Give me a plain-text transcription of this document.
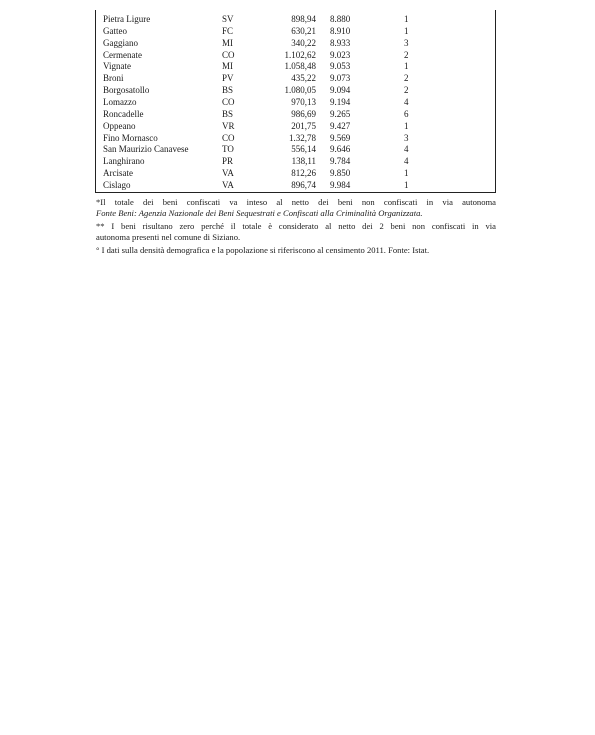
Pietra Ligure	SV	898,94 8.880	1
Gatteo	FC	630,21 8.910	1
Gaggiano	MI	340,22 8.933	3
Cermenate	CO	1.102,62 9.023	2
Vignate	MI	1.058,48 9.053	1
Broni	PV	435,22 9.073	2
Borgosatollo	BS	1.080,05 9.094	2
Lomazzo	CO	970,13 9.194	4
Roncadelle	BS	986,69 9.265	6
Oppeano	VR	201,75 9.427	1
Fino Mornasco	CO	1.32,78 9.569	3
San Maurizio Canavese	TO	556,14 9.646	4
Langhirano	PR	138,11 9.784	4
Arcisate	VA	812,26 9.850	1
Cislago	VA	896,74 9.984	1

*Il totale dei beni confiscati va inteso al netto dei beni non confiscati in via autonoma

Fonte Beni: Agenzia Nazionale dei Beni Sequestrati e Confiscati alla Criminalità Organizzata.

** I beni risultano zero perché il totale è considerato al netto dei 2 beni non confiscati in via

autonoma presenti nel comune di Siziano.

° I dati sulla densità demografica e la popolazione si riferiscono al censimento 2011. Fonte: Istat.
